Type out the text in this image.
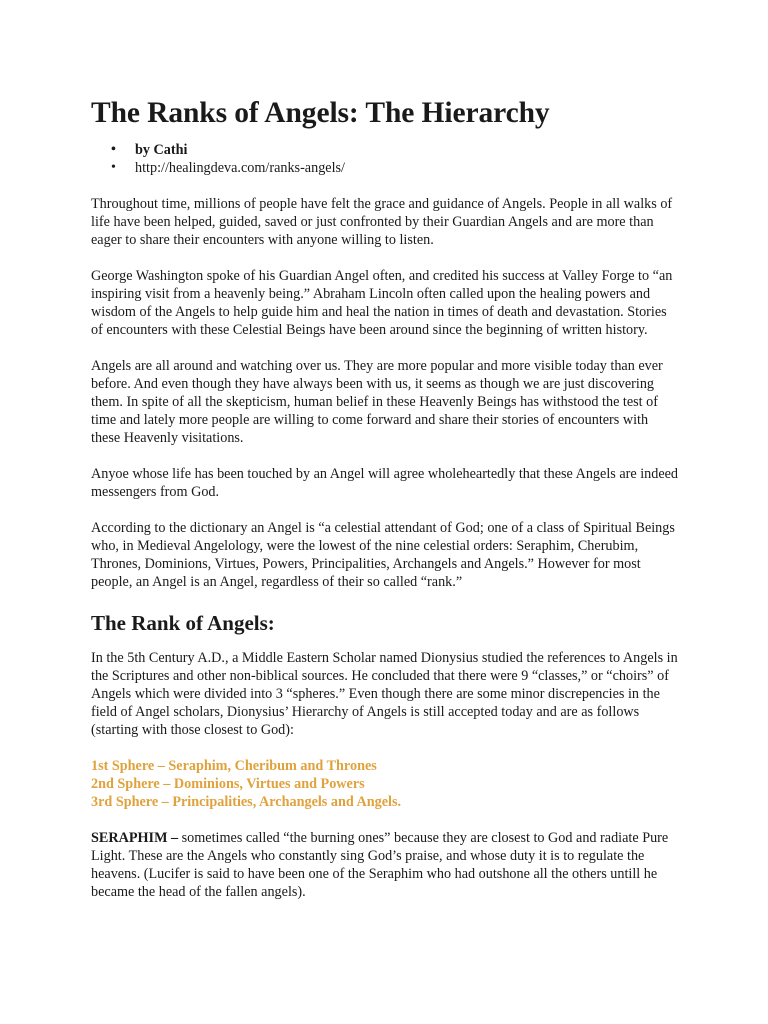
The Ranks of Angels: The Hierarchy
• by Cathi
• http://healingdeva.com/ranks-angels/

Throughout time, millions of people have felt the grace and guidance of Angels. People in all walks of life have been helped, guided, saved or just confronted by their Guardian Angels and are more than eager to share their encounters with anyone willing to listen.

George Washington spoke of his Guardian Angel often, and credited his success at Valley Forge to “an inspiring visit from a heavenly being.” Abraham Lincoln often called upon the healing powers and wisdom of the Angels to help guide him and heal the nation in times of death and devastation. Stories of encounters with these Celestial Beings have been around since the beginning of written history.

Angels are all around and watching over us. They are more popular and more visible today than ever before. And even though they have always been with us, it seems as though we are just discovering them. In spite of all the skepticism, human belief in these Heavenly Beings has withstood the test of time and lately more people are willing to come forward and share their stories of encounters with these Heavenly visitations.

Anyoe whose life has been touched by an Angel will agree wholeheartedly that these Angels are indeed messengers from God.

According to the dictionary an Angel is “a celestial attendant of God; one of a class of Spiritual Beings who, in Medieval Angelology, were the lowest of the nine celestial orders: Seraphim, Cherubim, Thrones, Dominions, Virtues, Powers, Principalities, Archangels and Angels.” However for most people, an Angel is an Angel, regardless of their so called “rank.”

The Rank of Angels:

In the 5th Century A.D., a Middle Eastern Scholar named Dionysius studied the references to Angels in the Scriptures and other non-biblical sources. He concluded that there were 9 “classes,” or “choirs” of Angels which were divided into 3 “spheres.” Even though there are some minor discrepencies in the field of Angel scholars, Dionysius’ Hierarchy of Angels is still accepted today and are as follows (starting with those closest to God):

1st Sphere – Seraphim, Cheribum and Thrones
2nd Sphere – Dominions, Virtues and Powers
3rd Sphere – Principalities, Archangels and Angels.

SERAPHIM – sometimes called “the burning ones” because they are closest to God and radiate Pure Light. These are the Angels who constantly sing God’s praise, and whose duty it is to regulate the heavens. (Lucifer is said to have been one of the Seraphim who had outshone all the others untill he became the head of the fallen angels).
